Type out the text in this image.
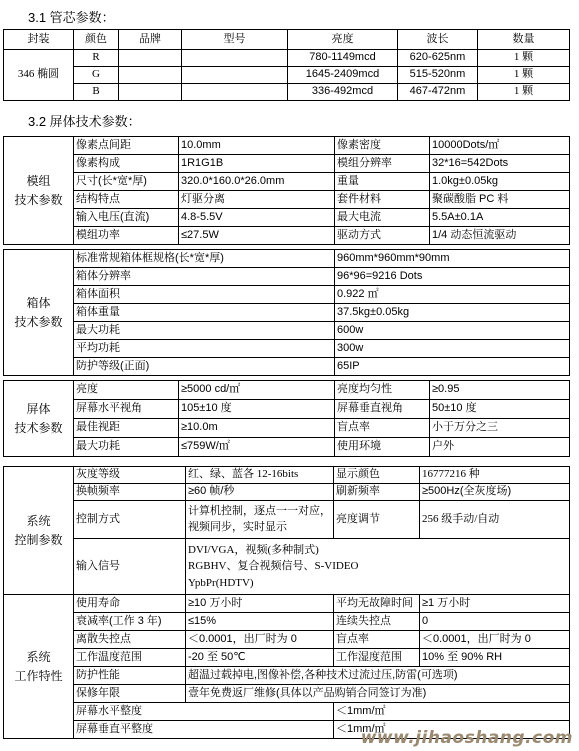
3.1 管芯参数：
封装	颜色	品牌	型号	亮度	波长	数量
346 椭圆	R			780-1149mcd	620-625nm	1 颗
	G			1645-2409mcd	515-520nm	1 颗
	B			336-492mcd	467-472nm	1 颗
3.2 屏体技术参数：
模组
技术参数	像素点间距	10.0mm	像素密度	10000Dots/㎡
	像素构成	1R1G1B	模组分辨率	32*16=542Dots
	尺寸(长*宽*厚)	320.0*160.0*26.0mm	重量	1.0kg±0.05kg
	结构特点	灯驱分离	套件材料	聚碳酸脂 PC 料
	输入电压(直流)	4.8-5.5V	最大电流	5.5A±0.1A
	模组功率	≤27.5W	驱动方式	1/4 动态恒流驱动

箱体
技术参数	标准常规箱体框规格(长*宽*厚)		960mm*960mm*90mm	
	箱体分辨率		96*96=9216 Dots	
	箱体面积		0.922 ㎡	
	箱体重量		37.5kg±0.05kg	
	最大功耗		600w	
	平均功耗		300w	
	防护等级(正面)		65IP	

屏体
技术参数	亮度	≥5000 cd/㎡	亮度均匀性	≥0.95
	屏幕水平视角	105±10 度	屏幕垂直视角	50±10 度
	最佳视距	≥10.0m	盲点率	小于万分之三
	最大功耗	≤759W/㎡	使用环境	户外
系统
控制参数	灰度等级	红、绿、蓝各 12-16bits	显示颜色	16777216 种
	换帧频率	≥60 帧/秒	刷新频率	≥500Hz(全灰度场)
	控制方式	计算机控制，逐点一一对应，
视频同步，实时显示	亮度调节	256 级手动/自动
	输入信号	DVI/VGA，视频(多种制式)
RGBHV、复合视频信号、S-VIDEO
YpbPr(HDTV)		

系统
工作特性	使用寿命	≥10 万小时	平均无故障时间	≥1 万小时
	衰减率(工作 3 年)	≤15%	连续失控点	0
	离散失控点	＜0.0001，出厂时为 0	盲点率	＜0.0001，出厂时为 0
	工作温度范围	-20 至 50℃	工作湿度范围	10% 至 90% RH
	防护性能	超温过载掉电,图像补偿,各种技术过流过压,防雷(可选项)		
	保修年限	壹年免费返厂维修(具体以产品购销合同签订为准)		
	屏幕水平整度		＜1mm/㎡	
	屏幕垂直平整度		＜1mm/㎡	
www.jihaoshang.com
